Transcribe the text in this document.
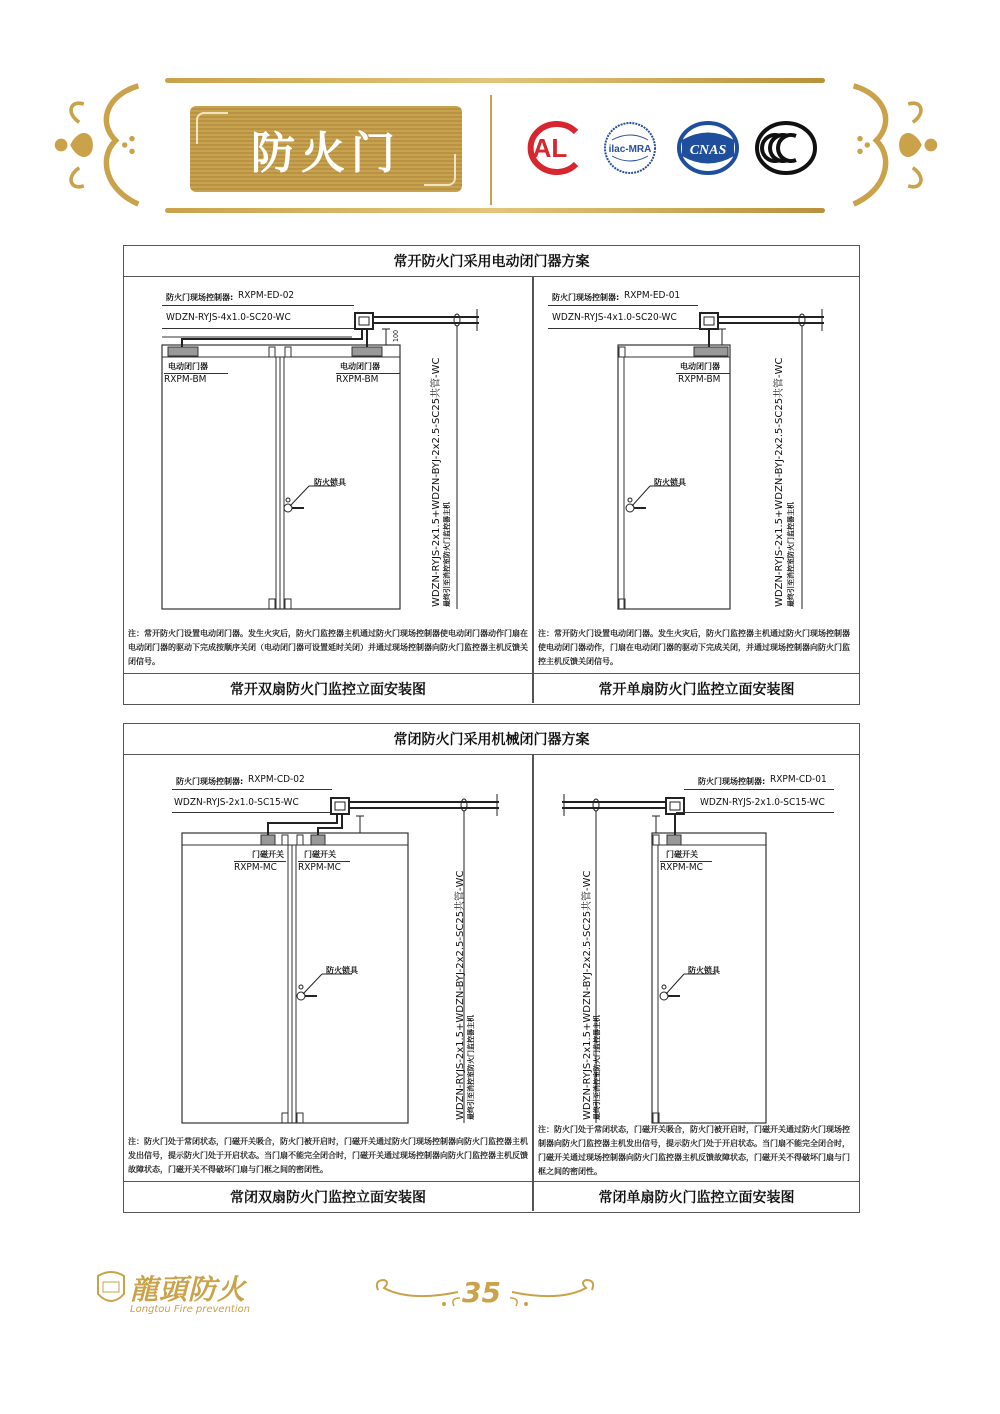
防火门	AL	ilac-MRA	CNAS
常开防火门采用电动闭门器方案
防火门现场控制器: RXPM-ED-02
WDZN-RYJS-4x1.0-SC20-WC
100
电动闭门器
RXPM-BM
电动闭门器
RXPM-BM
防火锁具	WDZN-RYJS-2x1.5+WDZN-BYJ-2x2.5-SC25共管-WC 最终引至消控室防火门监控器主机
注：常开防火门设置电动闭门器。发生火灾后，防火门监控器主机通过防火门现场控制器使电动闭门器动作门扇在电动闭门器的驱动下完成按顺序关闭（电动闭门器可设置延时关闭）并通过现场控制器向防火门监控器主机反馈关闭信号。
常开双扇防火门监控立面安装图
防火门现场控制器: RXPM-ED-01
WDZN-RYJS-4x1.0-SC20-WC
电动闭门器
RXPM-BM
防火锁具	WDZN-RYJS-2x1.5+WDZN-BYJ-2x2.5-SC25共管-WC 最终引至消控室防火门监控器主机
注：常开防火门设置电动闭门器。发生火灾后，防火门监控器主机通过防火门现场控制器使电动闭门器动作，门扇在电动闭门器的驱动下完成关闭，并通过现场控制器向防火门监控主机反馈关闭信号。
常开单扇防火门监控立面安装图
常闭防火门采用机械闭门器方案
防火门现场控制器: RXPM-CD-02
WDZN-RYJS-2x1.0-SC15-WC
门磁开关
RXPM-MC
门磁开关
RXPM-MC
防火锁具	WDZN-RYJS-2x1.5+WDZN-BYJ-2x2.5-SC25共管-WC 最终引至消控室防火门监控器主机
注：防火门处于常闭状态，门磁开关吸合，防火门被开启时，门磁开关通过防火门现场控制器向防火门监控器主机发出信号，提示防火门处于开启状态。当门扇不能完全闭合时，门磁开关通过现场控制器向防火门监控器主机反馈故障状态，门磁开关不得破坏门扇与门框之间的密闭性。
常闭双扇防火门监控立面安装图
防火门现场控制器: RXPM-CD-01
WDZN-RYJS-2x1.0-SC15-WC
门磁开关
RXPM-MC
防火锁具
WDZN-RYJS-2x1.5+WDZN-BYJ-2x2.5-SC25共管-WC 最终引至消控室防火门监控器主机
注：防火门处于常闭状态，门磁开关吸合，防火门被开启时，门磁开关通过防火门现场控制器向防火门监控器主机发出信号，提示防火门处于开启状态。当门扇不能完全闭合时，门磁开关通过现场控制器向防火门监控器主机反馈故障状态，门磁开关不得破坏门扇与门框之间的密闭性。
常闭单扇防火门监控立面安装图
龍頭防火
Longtou Fire prevention
35
